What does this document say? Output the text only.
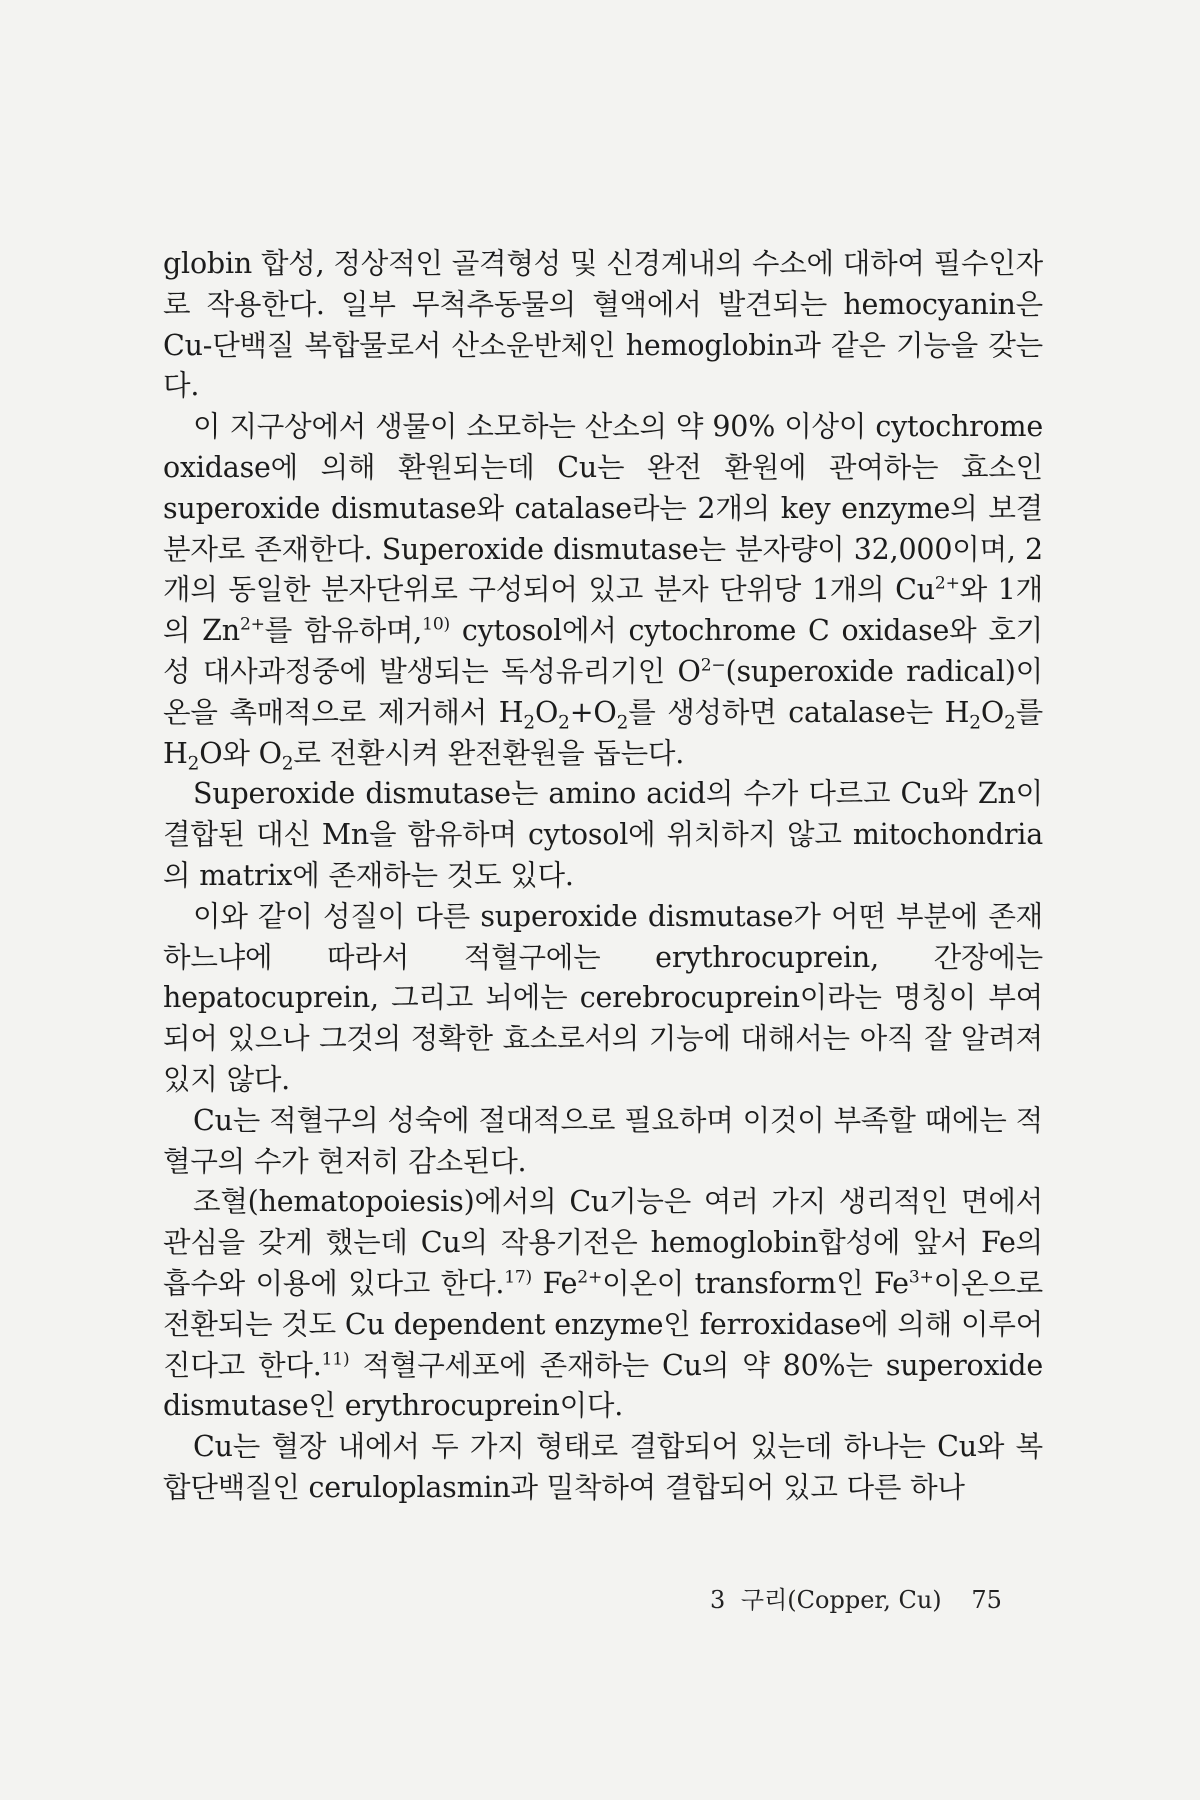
globin 합성, 정상적인 골격형성 및 신경계내의 수소에 대하여 필수인자로 작용한다. 일부 무척추동물의 혈액에서 발견되는 hemocyanin은 Cu-단백질 복합물로서 산소운반체인 hemoglobin과 같은 기능을 갖는다.

이 지구상에서 생물이 소모하는 산소의 약 90% 이상이 cytochrome oxidase에 의해 환원되는데 Cu는 완전 환원에 관여하는 효소인 superoxide dismutase와 catalase라는 2개의 key enzyme의 보결분자로 존재한다. Superoxide dismutase는 분자량이 32,000이며, 2개의 동일한 분자단위로 구성되어 있고 분자 단위당 1개의 $Cu^{2+}$와 1개의 $Zn^{2+}$를 함유하며,$^{10)}$ cytosol에서 cytochrome C oxidase와 호기성 대사과정중에 발생되는 독성유리기인 $O^{2-}(superoxide$ radical)이온을 촉매적으로 제거해서 $H_2O_2+O_2$를 생성하면 catalase는 $H_2O_2$를 $H_2O$와 $O_2$로 전환시켜 완전환원을 돕는다.

Superoxide dismutase는 amino acid의 수가 다르고 Cu와 Zn이 결합된 대신 Mn을 함유하며 cytosol에 위치하지 않고 mitochondria의 matrix에 존재하는 것도 있다.

이와 같이 성질이 다른 superoxide dismutase가 어떤 부분에 존재하느냐에 따라서 적혈구에는 erythrocuprein, 간장에는 hepatocuprein, 그리고 뇌에는 cerebrocuprein이라는 명칭이 부여되어 있으나 그것의 정확한 효소로서의 기능에 대해서는 아직 잘 알려져 있지 않다.

Cu는 적혈구의 성숙에 절대적으로 필요하며 이것이 부족할 때에는 적혈구의 수가 현저히 감소된다.

조혈(hematopoiesis)에서의 Cu기능은 여러 가지 생리적인 면에서 관심을 갖게 했는데 Cu의 작용기전은 hemoglobin합성에 앞서 Fe의 흡수와 이용에 있다고 한다.$^{17)}$ $Fe^{2+}$이온이 transform인 $Fe^{3+}$이온으로 전환되는 것도 Cu dependent enzyme인 ferroxidase에 의해 이루어진다고 한다.$^{11)}$ 적혈구세포에 존재하는 Cu의 약 80%는 superoxide dismutase인 erythrocuprein이다.

Cu는 혈장 내에서 두 가지 형태로 결합되어 있는데 하나는 Cu와 복합단백질인 ceruloplasmin과 밀착하여 결합되어 있고 다른 하나

3 구리(Copper, Cu) 75
